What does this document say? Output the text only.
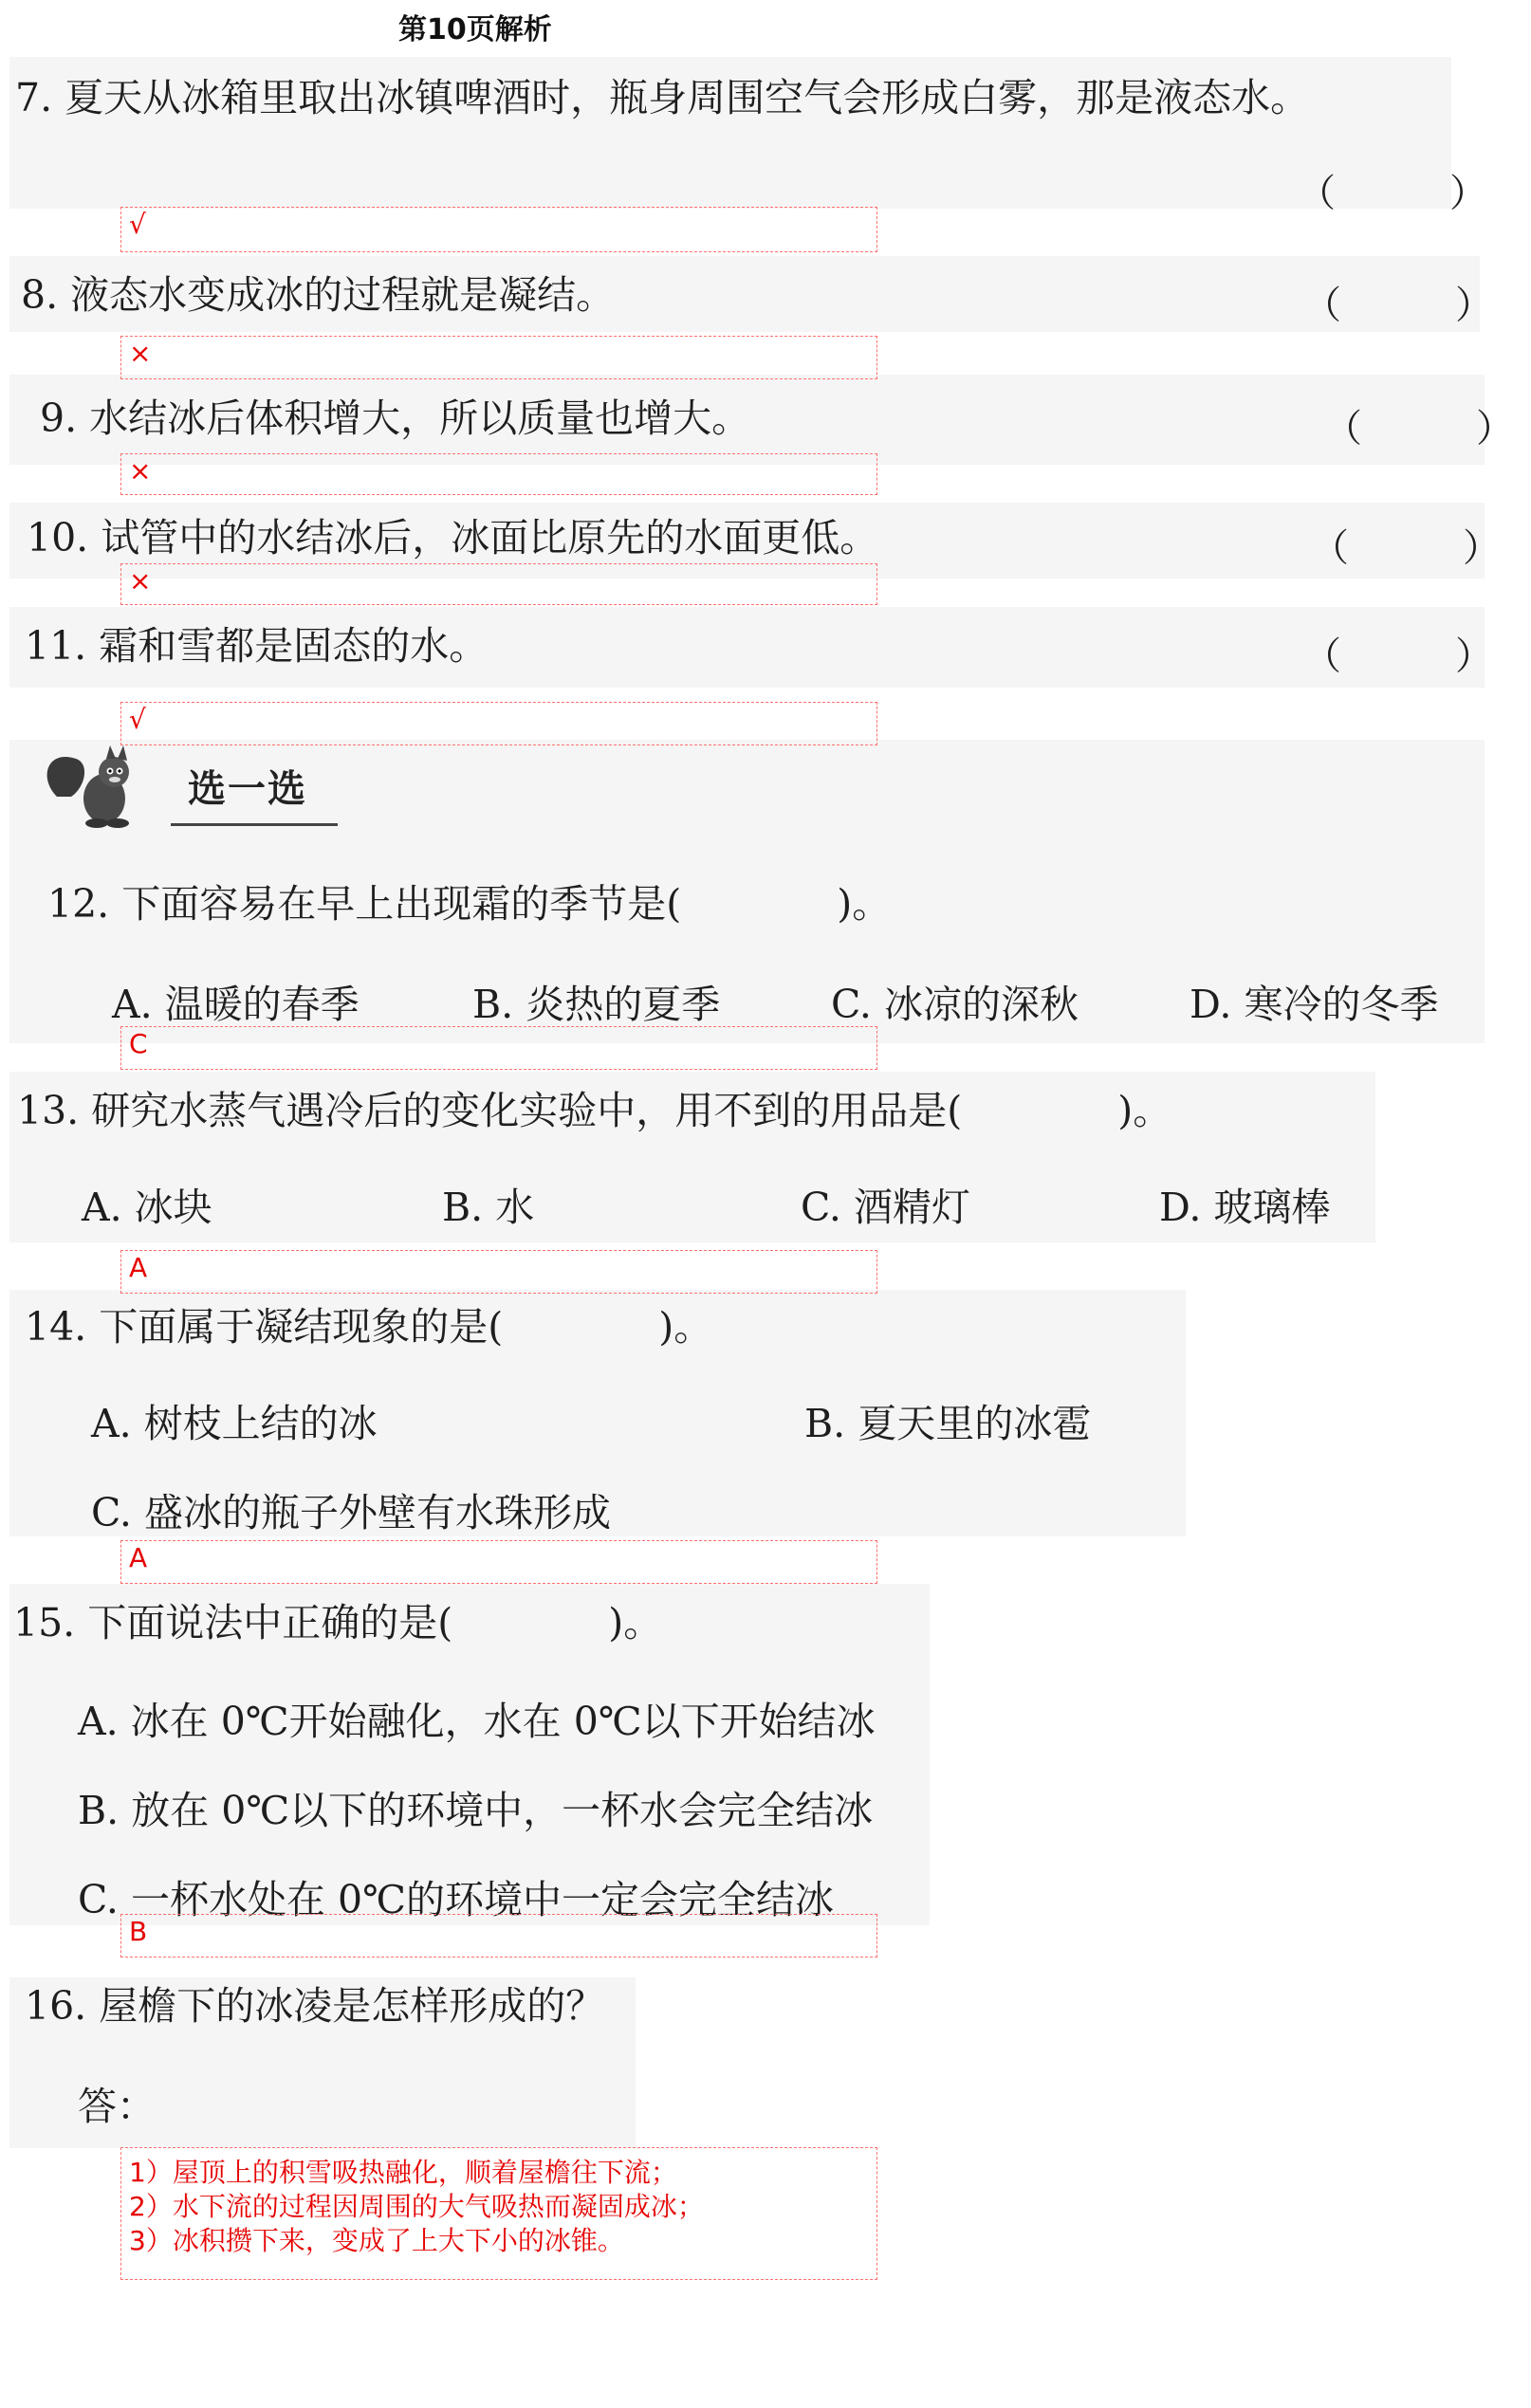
第10页解析
7. 夏天从冰箱里取出冰镇啤酒时，瓶身周围空气会形成白雾，那是液态水。
（　　　）
√
8. 液态水变成冰的过程就是凝结。	（　　　）
×
9. 水结冰后体积增大，所以质量也增大。	（　　　）
×
10. 试管中的水结冰后，冰面比原先的水面更低。	（　　　）
×
11. 霜和雪都是固态的水。	（　　　）
√
选一选
12. 下面容易在早上出现霜的季节是(　　　　)。
A. 温暖的春季	B. 炎热的夏季	C. 冰凉的深秋	D. 寒冷的冬季
C
13. 研究水蒸气遇冷后的变化实验中，用不到的用品是(　　　　)。
A. 冰块	B. 水	C. 酒精灯	D. 玻璃棒
A
14. 下面属于凝结现象的是(　　　　)。
A. 树枝上结的冰	B. 夏天里的冰雹
C. 盛冰的瓶子外壁有水珠形成
A
15. 下面说法中正确的是(　　　　)。
A. 冰在 0℃开始融化，水在 0℃以下开始结冰
B. 放在 0℃以下的环境中，一杯水会完全结冰
C. 一杯水处在 0℃的环境中一定会完全结冰
B
16. 屋檐下的冰凌是怎样形成的？
答：
1）屋顶上的积雪吸热融化，顺着屋檐往下流；
2）水下流的过程因周围的大气吸热而凝固成冰；
3）冰积攒下来，变成了上大下小的冰锥。
